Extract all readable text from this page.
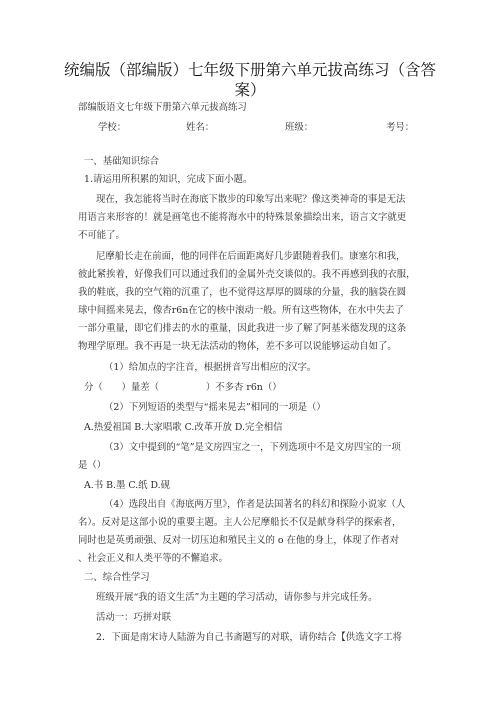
统编版（部编版）七年级下册第六单元拔高练习（含答
案）
部编版语文七年级下册第六单元拔高练习
学校：	姓名：	班级：	考号：
一、基础知识综合
1.请运用所积累的知识，完成下面小题。
现在，我怎能将当时在海底下散步的印象写出来呢？像这类神奇的事是无法
用语言来形容的！就是画笔也不能将海水中的特殊景象描绘出来，语言文字就更
不可能了。
尼摩船长走在前面，他的同伴在后面距离好几步跟随着我们。康塞尔和我，
彼此紧挨着，好像我们可以通过我们的金属外壳交谈似的。我不再感到我的衣服，
我的鞋底，我的空气箱的沉重了，也不觉得这厚厚的圆球的分量，我的脑袋在圆
球中间摇来晃去，像杏r6n在它的核中滚动一般。所有这些物体，在水中失去了
一部分重量，即它们排去的水的重量，因此我进一步了解了阿基米德发现的这条
物理学原理。我不再是一块无法活动的物体，差不多可以说能够运动自如了。
（1）给加点的字注音，根据拼音写出相应的汉字。
分（　　）量差（　　　　　）不多杏 r6n（）
（2）下列短语的类型与“摇来晃去”相同的一项是（）
A.热爱祖国 B.大家唱歌 C.改革开放 D.完全相信
（3）文中提到的“笔”是文房四宝之一，下列选项中不是文房四宝的一项
是（）
A.书 B.墨 C.纸 D.砚
（4）选段出自《海底两万里》，作者是法国著名的科幻和探险小说家（人
名）。反对是这部小说的重要主题。主人公尼摩船长不仅是献身科学的探索者，
同时也是英勇顽强、反对一切压迫和殖民主义的 o 在他的身上，体现了作者对
、社会正义和人类平等的不懈追求。
二、综合性学习
班级开展“我的语文生活”为主题的学习活动，请你参与并完成任务。
活动一：巧拼对联
2．下面是南宋诗人陆游为自己书斋题写的对联，请你结合【供选文字工将
